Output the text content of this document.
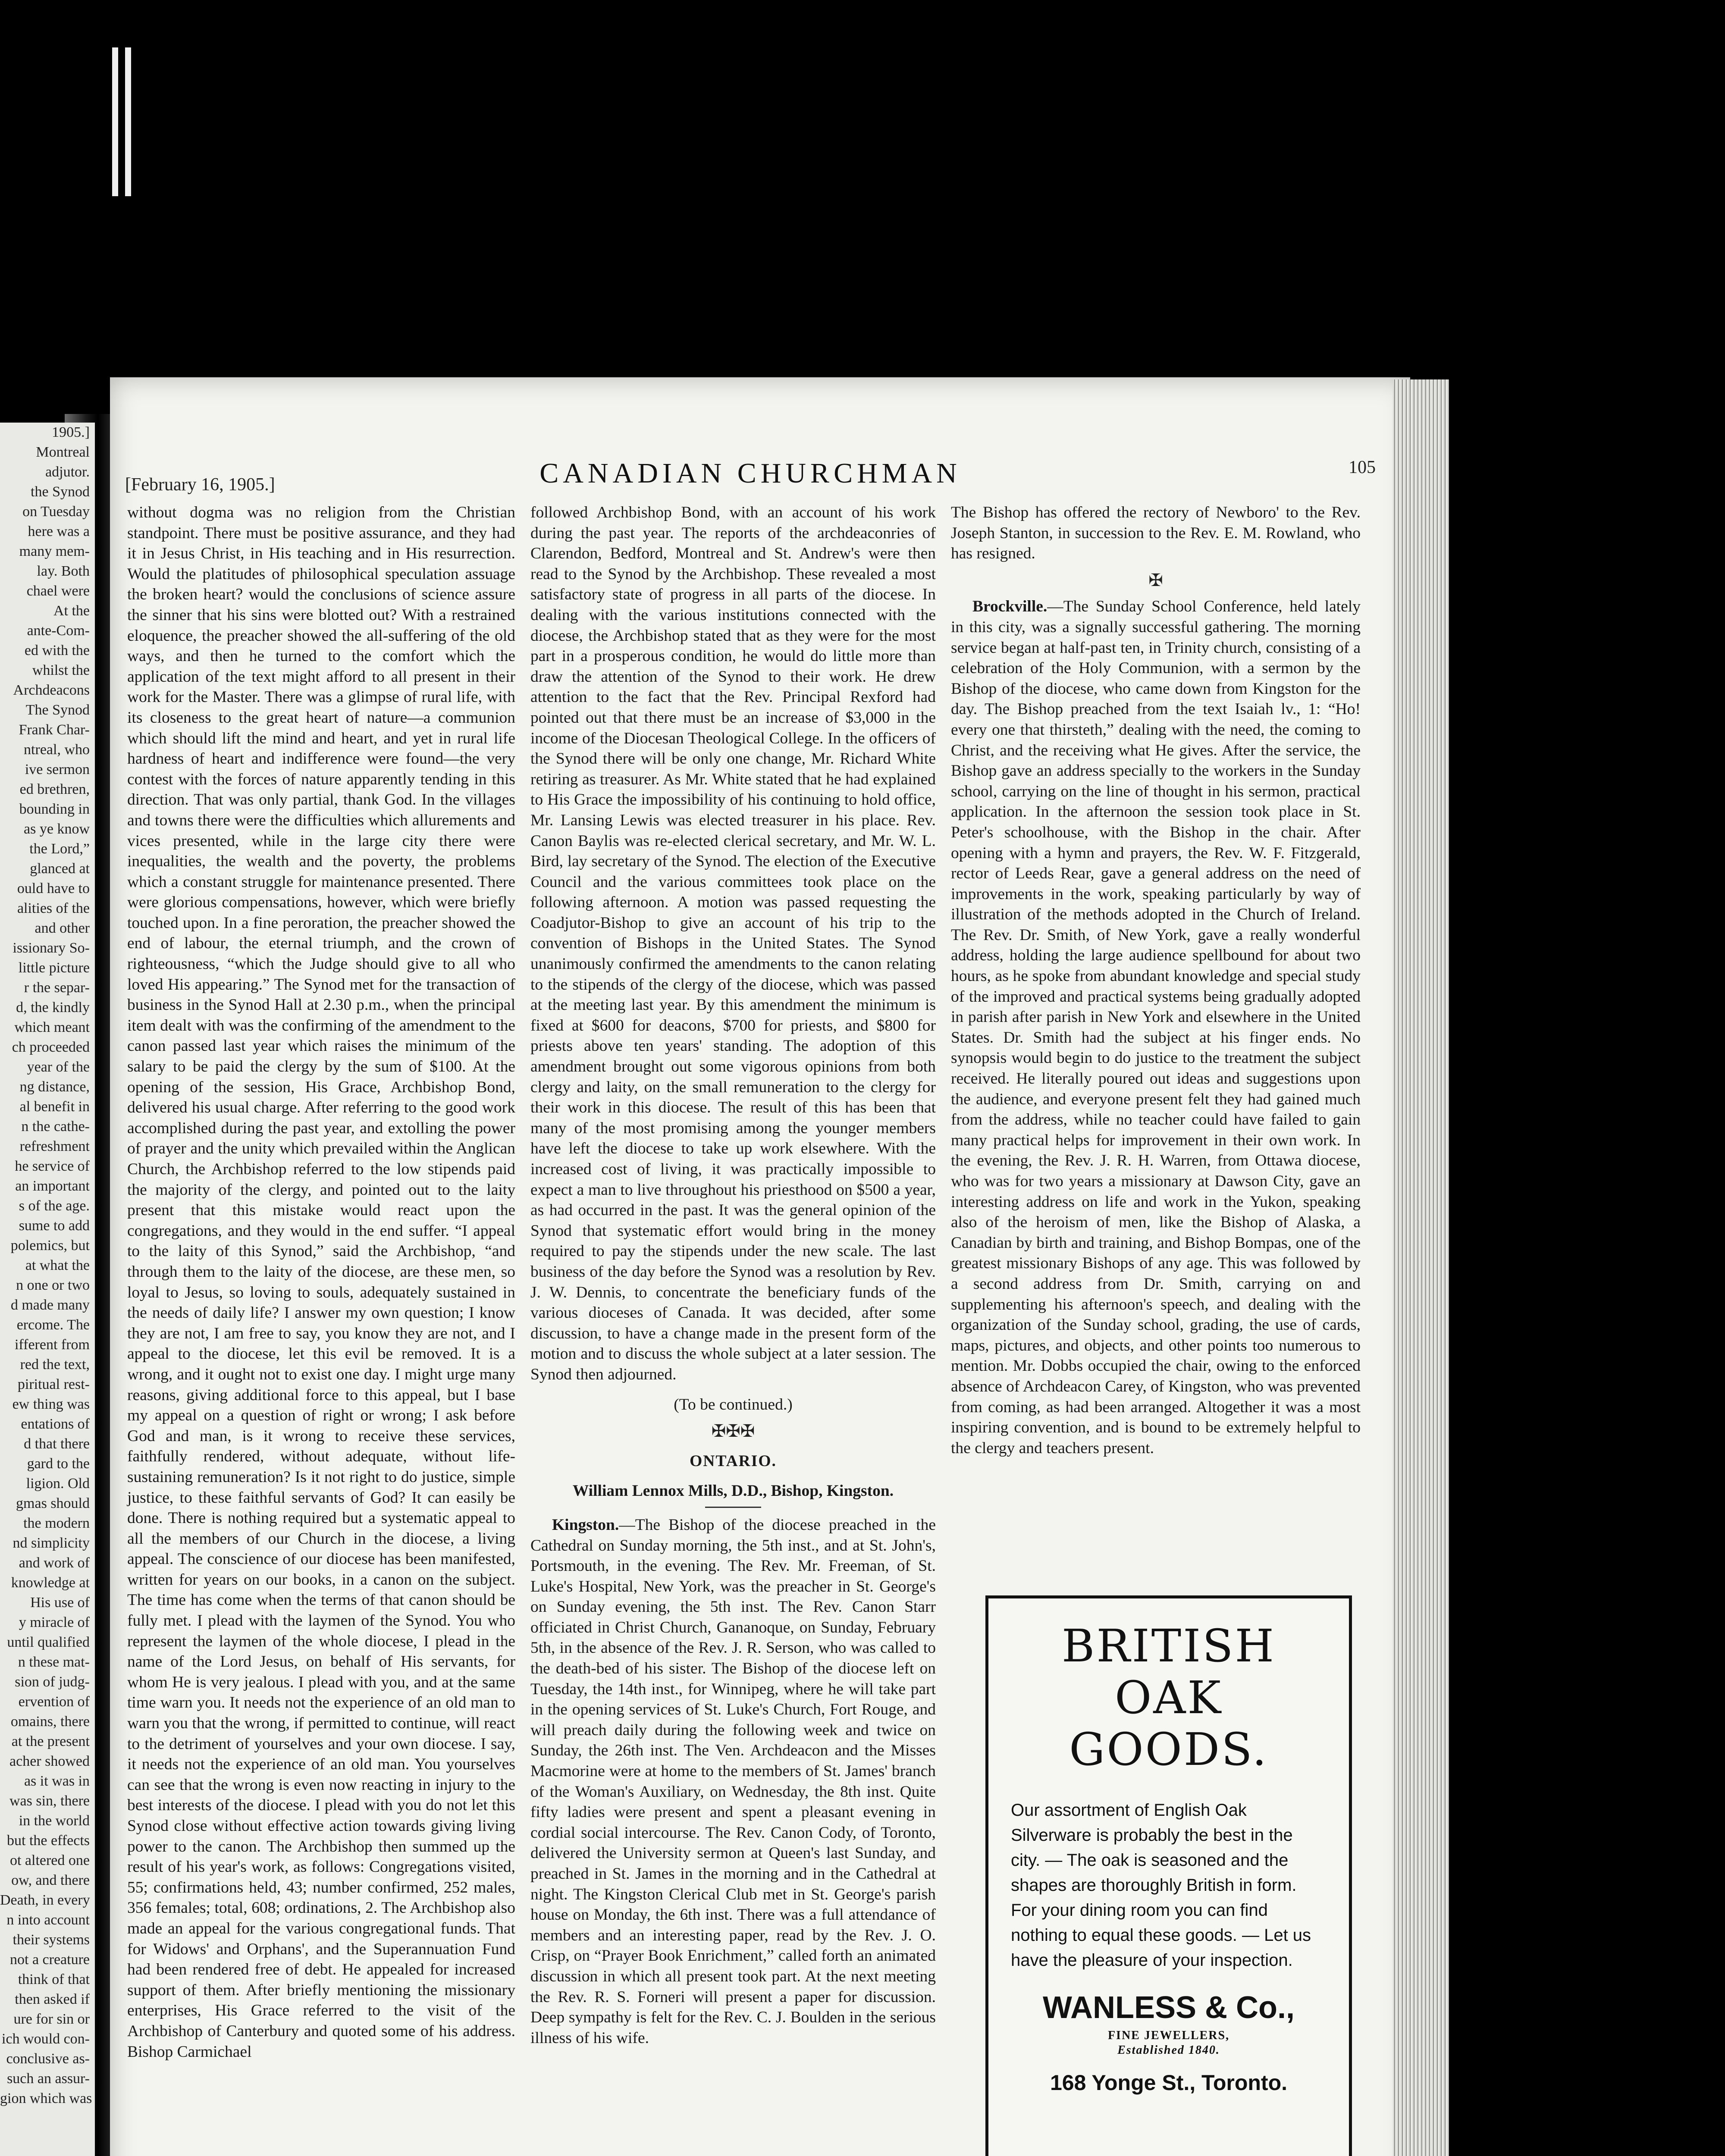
1905.]
Montreal
adjutor.
the Synod
on Tuesday
here was a
many mem-
lay. Both
chael were
At the
ante-Com-
ed with the
whilst the
Archdeacons
The Synod
Frank Char-
ntreal, who
ive sermon
ed brethren,
bounding in
as ye know
the Lord,”
glanced at
ould have to
alities of the
and other
issionary So-
little picture
r the separ-
d, the kindly
which meant
ch proceeded
year of the
ng distance,
al benefit in
n the cathe-
refreshment
he service of
an important
s of the age.
sume to add
polemics, but
at what the
n one or two
d made many
ercome. The
ifferent from
red the text,
piritual rest-
ew thing was
entations of
d that there
gard to the
ligion. Old
gmas should
the modern
nd simplicity
and work of
knowledge at
His use of
y miracle of
until qualified
n these mat-
sion of judg-
ervention of
omains, there
at the present
acher showed
as it was in
was sin, there
in the world
but the effects
ot altered one
ow, and there
Death, in every
n into account
their systems
not a creature
think of that
then asked if
ure for sin or
ich would con-
conclusive as-
such an assur-
gion which was
[February 16, 1905.]	CANADIAN CHURCHMAN	105

without dogma was no religion from the Christian standpoint. There must be positive assurance, and they had it in Jesus Christ, in His teaching and in His resurrection. Would the platitudes of philosophical speculation assuage the broken heart? would the conclusions of science assure the sinner that his sins were blotted out? With a restrained eloquence, the preacher showed the all-suffering of the old ways, and then he turned to the comfort which the application of the text might afford to all present in their work for the Master. There was a glimpse of rural life, with its closeness to the great heart of nature—a communion which should lift the mind and heart, and yet in rural life hardness of heart and indifference were found—the very contest with the forces of nature apparently tending in this direction. That was only partial, thank God. In the villages and towns there were the difficulties which allurements and vices presented, while in the large city there were inequalities, the wealth and the poverty, the problems which a constant struggle for maintenance presented. There were glorious compensations, however, which were briefly touched upon. In a fine peroration, the preacher showed the end of labour, the eternal triumph, and the crown of righteousness, “which the Judge should give to all who loved His appearing.” The Synod met for the transaction of business in the Synod Hall at 2.30 p.m., when the principal item dealt with was the confirming of the amendment to the canon passed last year which raises the minimum of the salary to be paid the clergy by the sum of $100. At the opening of the session, His Grace, Archbishop Bond, delivered his usual charge. After referring to the good work accomplished during the past year, and extolling the power of prayer and the unity which prevailed within the Anglican Church, the Archbishop referred to the low stipends paid the majority of the clergy, and pointed out to the laity present that this mistake would react upon the congregations, and they would in the end suffer. “I appeal to the laity of this Synod,” said the Archbishop, “and through them to the laity of the diocese, are these men, so loyal to Jesus, so loving to souls, adequately sustained in the needs of daily life? I answer my own question; I know they are not, I am free to say, you know they are not, and I appeal to the diocese, let this evil be removed. It is a wrong, and it ought not to exist one day. I might urge many reasons, giving additional force to this appeal, but I base my appeal on a question of right or wrong; I ask before God and man, is it wrong to receive these services, faithfully rendered, without adequate, without life-sustaining remuneration? Is it not right to do justice, simple justice, to these faithful servants of God? It can easily be done. There is nothing required but a systematic appeal to all the members of our Church in the diocese, a living appeal. The conscience of our diocese has been manifested, written for years on our books, in a canon on the subject. The time has come when the terms of that canon should be fully met. I plead with the laymen of the Synod. You who represent the laymen of the whole diocese, I plead in the name of the Lord Jesus, on behalf of His servants, for whom He is very jealous. I plead with you, and at the same time warn you. It needs not the experience of an old man to warn you that the wrong, if permitted to continue, will react to the detriment of yourselves and your own diocese. I say, it needs not the experience of an old man. You yourselves can see that the wrong is even now reacting in injury to the best interests of the diocese. I plead with you do not let this Synod close without effective action towards giving living power to the canon. The Archbishop then summed up the result of his year's work, as follows: Congregations visited, 55; confirmations held, 43; number confirmed, 252 males, 356 females; total, 608; ordinations, 2. The Archbishop also made an appeal for the various congregational funds. That for Widows' and Orphans', and the Superannuation Fund had been rendered free of debt. He appealed for increased support of them. After briefly mentioning the missionary enterprises, His Grace referred to the visit of the Archbishop of Canterbury and quoted some of his address. Bishop Carmichael

followed Archbishop Bond, with an account of his work during the past year. The reports of the archdeaconries of Clarendon, Bedford, Montreal and St. Andrew's were then read to the Synod by the Archbishop. These revealed a most satisfactory state of progress in all parts of the diocese. In dealing with the various institutions connected with the diocese, the Archbishop stated that as they were for the most part in a prosperous condition, he would do little more than draw the attention of the Synod to their work. He drew attention to the fact that the Rev. Principal Rexford had pointed out that there must be an increase of $3,000 in the income of the Diocesan Theological College. In the officers of the Synod there will be only one change, Mr. Richard White retiring as treasurer. As Mr. White stated that he had explained to His Grace the impossibility of his continuing to hold office, Mr. Lansing Lewis was elected treasurer in his place. Rev. Canon Baylis was re-elected clerical secretary, and Mr. W. L. Bird, lay secretary of the Synod. The election of the Executive Council and the various committees took place on the following afternoon. A motion was passed requesting the Coadjutor-Bishop to give an account of his trip to the convention of Bishops in the United States. The Synod unanimously confirmed the amendments to the canon relating to the stipends of the clergy of the diocese, which was passed at the meeting last year. By this amendment the minimum is fixed at $600 for deacons, $700 for priests, and $800 for priests above ten years' standing. The adoption of this amendment brought out some vigorous opinions from both clergy and laity, on the small remuneration to the clergy for their work in this diocese. The result of this has been that many of the most promising among the younger members have left the diocese to take up work elsewhere. With the increased cost of living, it was practically impossible to expect a man to live throughout his priesthood on $500 a year, as had occurred in the past. It was the general opinion of the Synod that systematic effort would bring in the money required to pay the stipends under the new scale. The last business of the day before the Synod was a resolution by Rev. J. W. Dennis, to concentrate the beneficiary funds of the various dioceses of Canada. It was decided, after some discussion, to have a change made in the present form of the motion and to discuss the whole subject at a later session. The Synod then adjourned.

(To be continued.)
✠✠✠
ONTARIO.
William Lennox Mills, D.D., Bishop, Kingston.

Kingston.—The Bishop of the diocese preached in the Cathedral on Sunday morning, the 5th inst., and at St. John's, Portsmouth, in the evening. The Rev. Mr. Freeman, of St. Luke's Hospital, New York, was the preacher in St. George's on Sunday evening, the 5th inst. The Rev. Canon Starr officiated in Christ Church, Gananoque, on Sunday, February 5th, in the absence of the Rev. J. R. Serson, who was called to the death-bed of his sister. The Bishop of the diocese left on Tuesday, the 14th inst., for Winnipeg, where he will take part in the opening services of St. Luke's Church, Fort Rouge, and will preach daily during the following week and twice on Sunday, the 26th inst. The Ven. Archdeacon and the Misses Macmorine were at home to the members of St. James' branch of the Woman's Auxiliary, on Wednesday, the 8th inst. Quite fifty ladies were present and spent a pleasant evening in cordial social intercourse. The Rev. Canon Cody, of Toronto, delivered the University sermon at Queen's last Sunday, and preached in St. James in the morning and in the Cathedral at night. The Kingston Clerical Club met in St. George's parish house on Monday, the 6th inst. There was a full attendance of members and an interesting paper, read by the Rev. J. O. Crisp, on “Prayer Book Enrichment,” called forth an animated discussion in which all present took part. At the next meeting the Rev. R. S. Forneri will present a paper for discussion. Deep sympathy is felt for the Rev. C. J. Boulden in the serious illness of his wife.

The Bishop has offered the rectory of Newboro' to the Rev. Joseph Stanton, in succession to the Rev. E. M. Rowland, who has resigned.

✠

Brockville.—The Sunday School Conference, held lately in this city, was a signally successful gathering. The morning service began at half-past ten, in Trinity church, consisting of a celebration of the Holy Communion, with a sermon by the Bishop of the diocese, who came down from Kingston for the day. The Bishop preached from the text Isaiah lv., 1: “Ho! every one that thirsteth,” dealing with the need, the coming to Christ, and the receiving what He gives. After the service, the Bishop gave an address specially to the workers in the Sunday school, carrying on the line of thought in his sermon, practical application. In the afternoon the session took place in St. Peter's schoolhouse, with the Bishop in the chair. After opening with a hymn and prayers, the Rev. W. F. Fitzgerald, rector of Leeds Rear, gave a general address on the need of improvements in the work, speaking particularly by way of illustration of the methods adopted in the Church of Ireland. The Rev. Dr. Smith, of New York, gave a really wonderful address, holding the large audience spellbound for about two hours, as he spoke from abundant knowledge and special study of the improved and practical systems being gradually adopted in parish after parish in New York and elsewhere in the United States. Dr. Smith had the subject at his finger ends. No synopsis would begin to do justice to the treatment the subject received. He literally poured out ideas and suggestions upon the audience, and everyone present felt they had gained much from the address, while no teacher could have failed to gain many practical helps for improvement in their own work. In the evening, the Rev. J. R. H. Warren, from Ottawa diocese, who was for two years a missionary at Dawson City, gave an interesting address on life and work in the Yukon, speaking also of the heroism of men, like the Bishop of Alaska, a Canadian by birth and training, and Bishop Bompas, one of the greatest missionary Bishops of any age. This was followed by a second address from Dr. Smith, carrying on and supplementing his afternoon's speech, and dealing with the organization of the Sunday school, grading, the use of cards, maps, pictures, and objects, and other points too numerous to mention. Mr. Dobbs occupied the chair, owing to the enforced absence of Archdeacon Carey, of Kingston, who was prevented from coming, as had been arranged. Altogether it was a most inspiring convention, and is bound to be extremely helpful to the clergy and teachers present.

BRITISH OAK
GOODS.
Our assortment of English Oak Silverware is probably the best in the city. — The oak is seasoned and the shapes are thoroughly British in form. For your dining room you can find nothing to equal these goods. — Let us have the pleasure of your inspection.
WANLESS & Co.,
FINE JEWELLERS,
Established 1840.
168 Yonge St., Toronto.
